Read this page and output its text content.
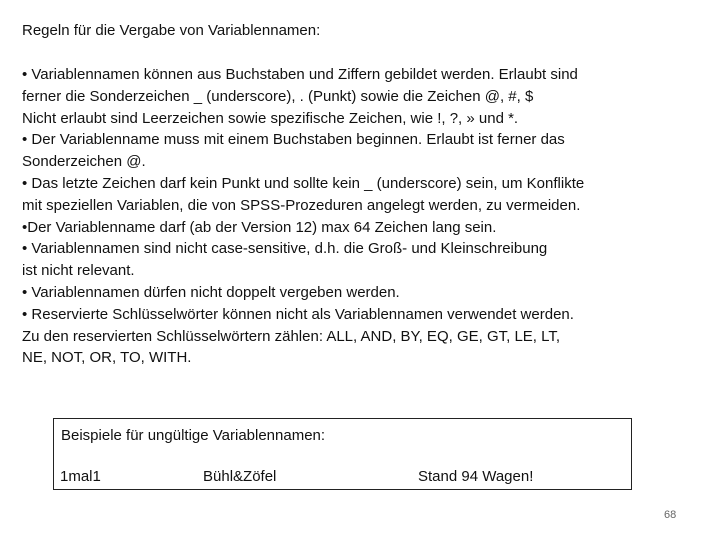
Regeln für die Vergabe von Variablennamen:
• Variablennamen können aus Buchstaben und Ziffern gebildet werden. Erlaubt sind
ferner die Sonderzeichen _ (underscore), . (Punkt) sowie die Zeichen @, #, $
Nicht erlaubt sind Leerzeichen sowie spezifische Zeichen, wie !, ?, » und *.
• Der Variablenname muss mit einem Buchstaben beginnen. Erlaubt ist ferner das
Sonderzeichen @.
• Das letzte Zeichen darf kein Punkt und sollte kein _ (underscore) sein, um Konflikte
mit speziellen Variablen, die von SPSS-Prozeduren angelegt werden, zu vermeiden.
•Der Variablenname darf (ab der Version 12) max 64 Zeichen lang sein.
• Variablennamen sind nicht case-sensitive, d.h. die Groß- und Kleinschreibung
ist nicht relevant.
• Variablennamen dürfen nicht doppelt vergeben werden.
• Reservierte Schlüsselwörter können nicht als Variablennamen verwendet werden.
Zu den reservierten Schlüsselwörtern zählen: ALL, AND, BY, EQ, GE, GT, LE, LT,
NE, NOT, OR, TO, WITH.
Beispiele für ungültige Variablennamen:
1mal1	Bühl&Zöfel	Stand 94 Wagen!
68
